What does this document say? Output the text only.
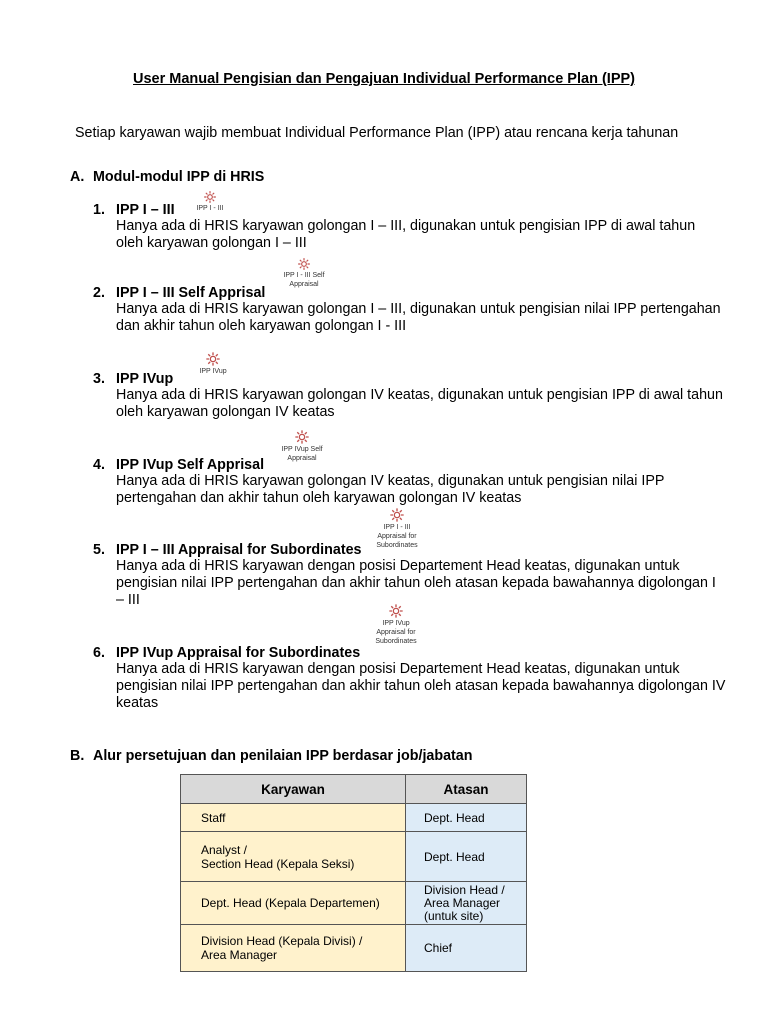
User Manual Pengisian dan Pengajuan Individual Performance Plan (IPP)
Setiap karyawan wajib membuat Individual Performance Plan (IPP) atau rencana kerja tahunan
A. Modul-modul IPP di HRIS
IPP I - III
1. IPP I – III
Hanya ada di HRIS karyawan golongan I – III, digunakan untuk pengisian IPP di awal tahun
oleh karyawan golongan I – III
IPP I - III Self Appraisal
2. IPP I – III Self Apprisal
Hanya ada di HRIS karyawan golongan I – III, digunakan untuk pengisian nilai IPP pertengahan
dan akhir tahun oleh karyawan golongan I - III
IPP IVup
3. IPP IVup
Hanya ada di HRIS karyawan golongan IV keatas, digunakan untuk pengisian IPP di awal tahun
oleh karyawan golongan IV keatas
IPP IVup Self Appraisal
4. IPP IVup Self Apprisal
Hanya ada di HRIS karyawan golongan IV keatas, digunakan untuk pengisian nilai IPP
pertengahan dan akhir tahun oleh karyawan golongan IV keatas
IPP I - III Appraisal for Subordinates
5. IPP I – III Appraisal for Subordinates
Hanya ada di HRIS karyawan dengan posisi Departement Head keatas, digunakan untuk
pengisian nilai IPP pertengahan dan akhir tahun oleh atasan kepada bawahannya digolongan I
– III
IPP IVup Appraisal for Subordinates
6. IPP IVup Appraisal for Subordinates
Hanya ada di HRIS karyawan dengan posisi Departement Head keatas, digunakan untuk
pengisian nilai IPP pertengahan dan akhir tahun oleh atasan kepada bawahannya digolongan IV
keatas
B. Alur persetujuan dan penilaian IPP berdasar job/jabatan
Karyawan	Atasan

Staff	Dept. Head

Analyst /
Section Head (Kepala Seksi)	Dept. Head

Dept. Head (Kepala Departemen)	Division Head /
Area Manager
(untuk site)

Division Head (Kepala Divisi) /
Area Manager	Chief
